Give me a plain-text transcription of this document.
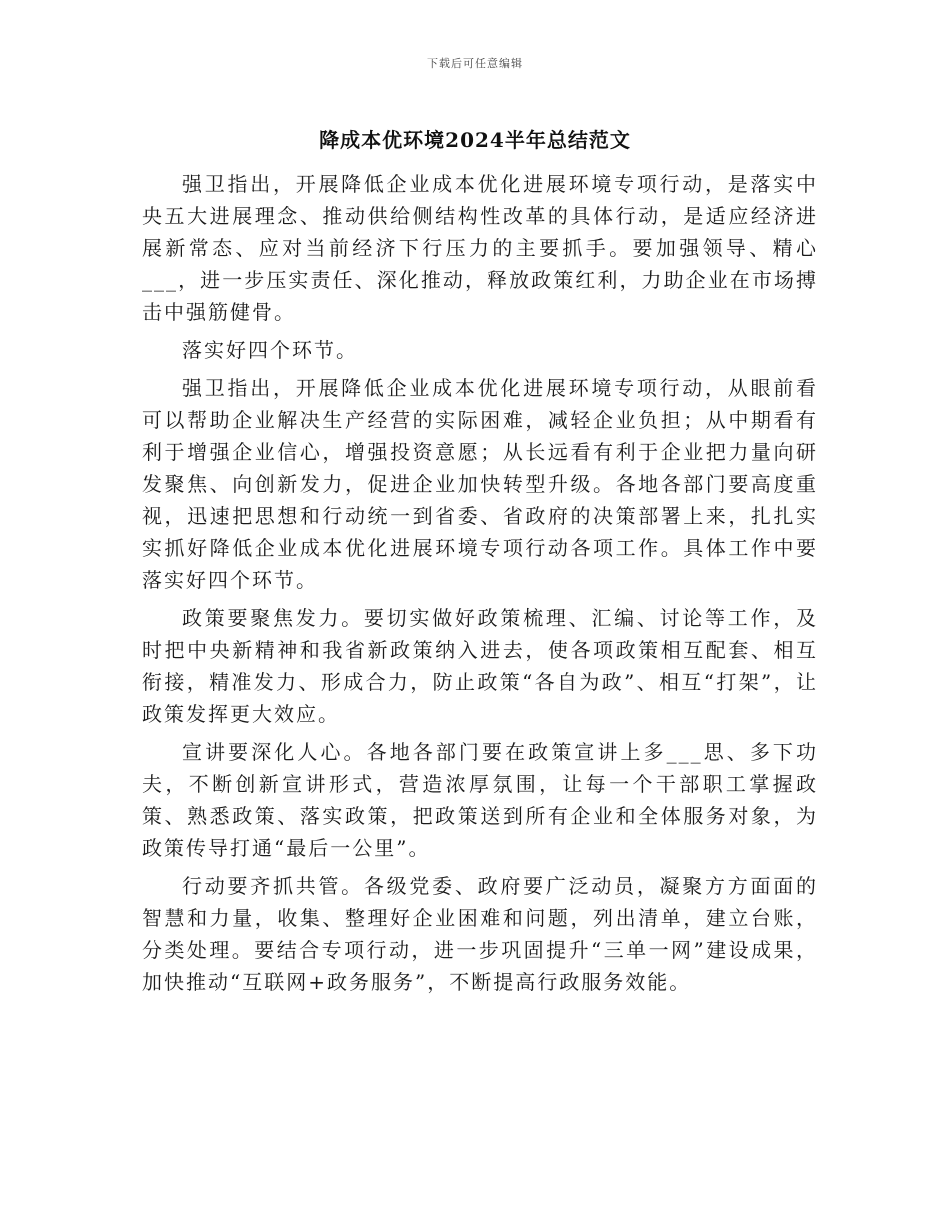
下载后可任意编辑
降成本优环境2024半年总结范文

强卫指出，开展降低企业成本优化进展环境专项行动，是落实中央五大进展理念、推动供给侧结构性改革的具体行动，是适应经济进展新常态、应对当前经济下行压力的主要抓手。要加强领导、精心___，进一步压实责任、深化推动，释放政策红利，力助企业在市场搏击中强筋健骨。

落实好四个环节。

强卫指出，开展降低企业成本优化进展环境专项行动，从眼前看可以帮助企业解决生产经营的实际困难，减轻企业负担；从中期看有利于增强企业信心，增强投资意愿；从长远看有利于企业把力量向研发聚焦、向创新发力，促进企业加快转型升级。各地各部门要高度重视，迅速把思想和行动统一到省委、省政府的决策部署上来，扎扎实实抓好降低企业成本优化进展环境专项行动各项工作。具体工作中要落实好四个环节。

政策要聚焦发力。要切实做好政策梳理、汇编、讨论等工作，及时把中央新精神和我省新政策纳入进去，使各项政策相互配套、相互衔接，精准发力、形成合力，防止政策“各自为政”、相互“打架”，让政策发挥更大效应。

宣讲要深化人心。各地各部门要在政策宣讲上多___思、多下功夫，不断创新宣讲形式，营造浓厚氛围，让每一个干部职工掌握政策、熟悉政策、落实政策，把政策送到所有企业和全体服务对象，为政策传导打通“最后一公里”。

行动要齐抓共管。各级党委、政府要广泛动员，凝聚方方面面的智慧和力量，收集、整理好企业困难和问题，列出清单，建立台账，分类处理。要结合专项行动，进一步巩固提升“三单一网”建设成果，加快推动“互联网+政务服务”，不断提高行政服务效能。
